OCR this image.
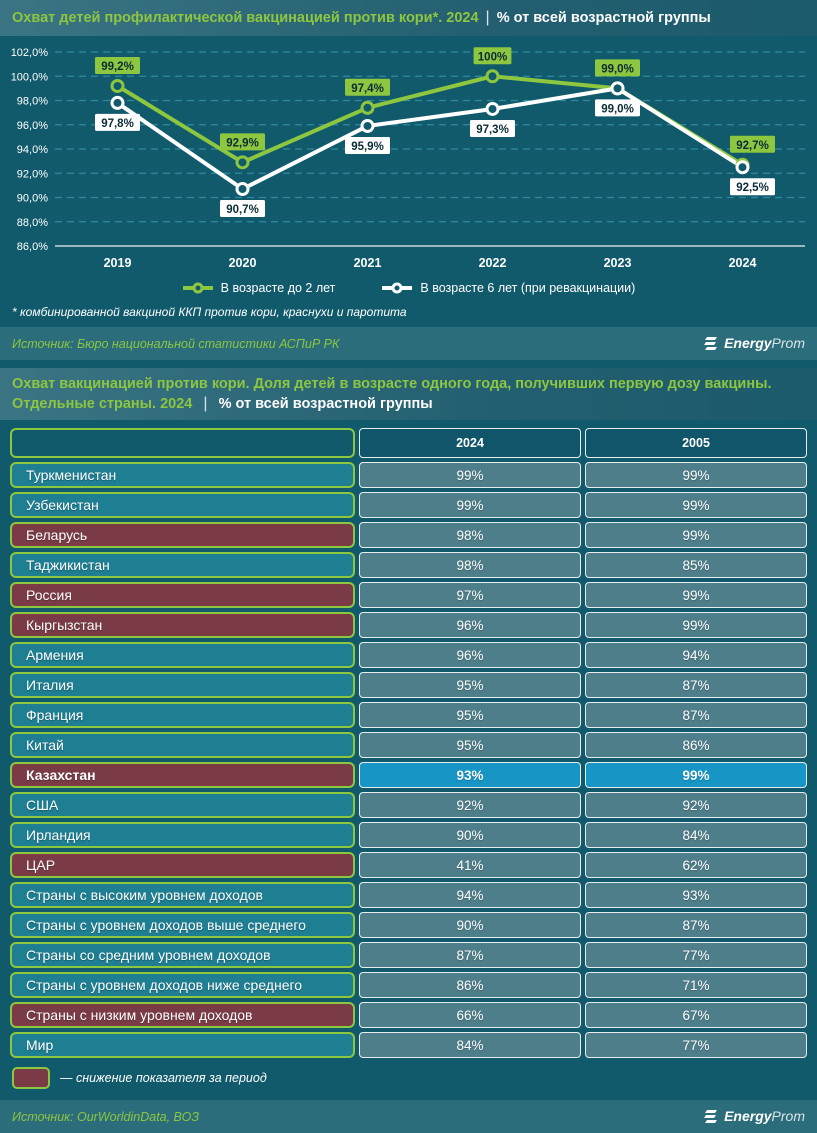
Охват детей профилактической вакцинацией против кори*. 2024 | % от всей возрастной группы
102,0%
100,0%
98,0%
96,0%
94,0%
92,0%
90,0%
88,0%
86,0%
2019	2020	2021	2022	2023	2024
99,2%
92,9%
97,4%
100%
99,0%
92,7%
97,8%
90,7%
95,9%
97,3%
99,0%
92,5%
В возрасте до 2 лет	В возрасте 6 лет (при ревакцинации)
* комбинированной вакциной ККП против кори, краснухи и паротита
Источник: Бюро национальной статистики АСПиР РК	EnergyProm
Охват вакцинацией против кори. Доля детей в возрасте одного года, получивших первую дозу вакцины.
Отдельные страны. 2024 | % от всей возрастной группы
2024	2005
Туркменистан	99%	99%
Узбекистан	99%	99%
Беларусь	98%	99%
Таджикистан	98%	85%
Россия	97%	99%
Кыргызстан	96%	99%
Армения	96%	94%
Италия	95%	87%
Франция	95%	87%
Китай	95%	86%
Казахстан	93%	99%
США	92%	92%
Ирландия	90%	84%
ЦАР	41%	62%
Страны с высоким уровнем доходов	94%	93%
Страны с уровнем доходов выше среднего	90%	87%
Страны со средним уровнем доходов	87%	77%
Страны с уровнем доходов ниже среднего	86%	71%
Страны с низким уровнем доходов	66%	67%
Мир	84%	77%
— снижение показателя за период
Источник: OurWorldinData, ВОЗ	EnergyProm
